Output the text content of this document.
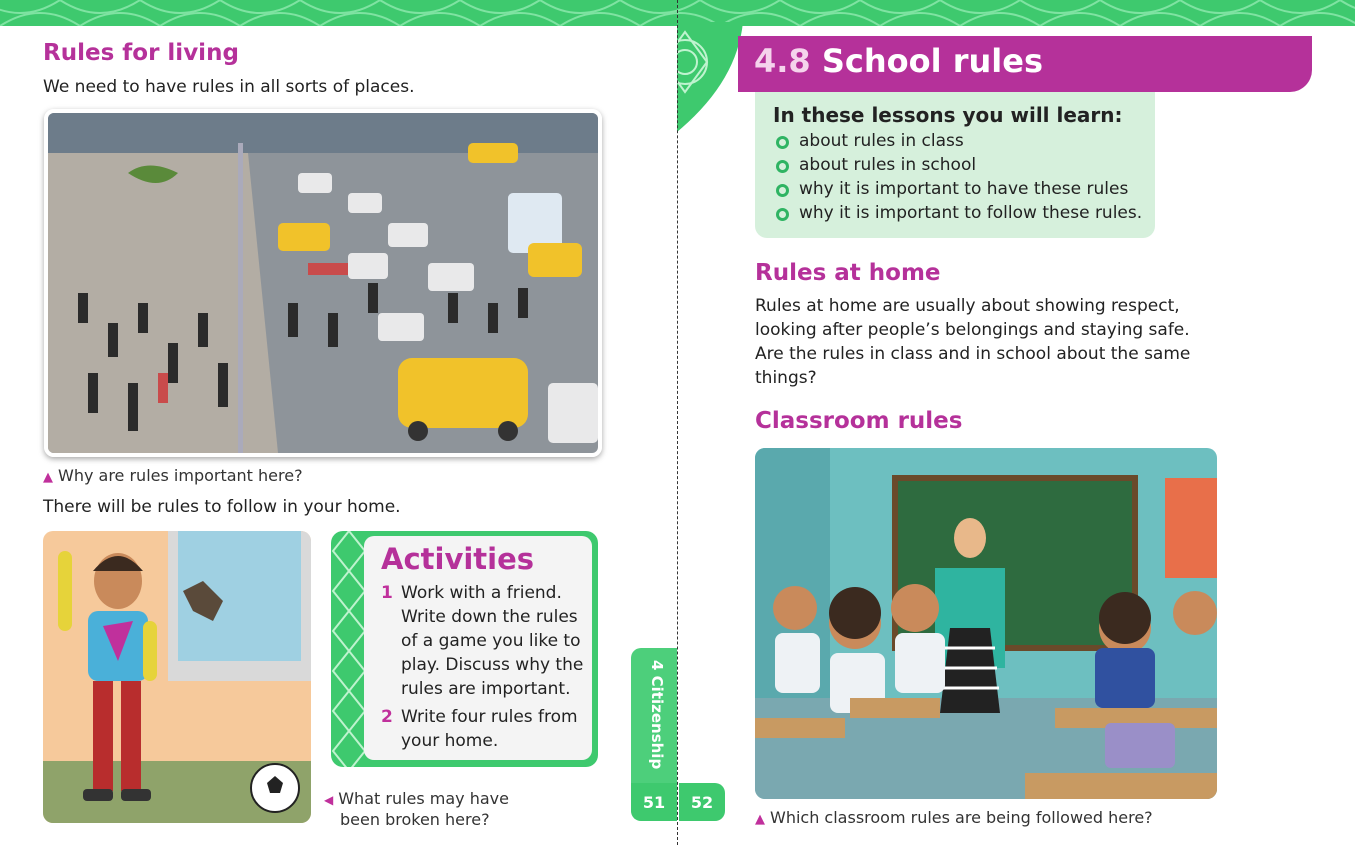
Rules for living
We need to have rules in all sorts of places.
▲ Why are rules important here?
There will be rules to follow in your home.
Activities
1 Work with a friend. Write down the rules of a game you like to play. Discuss why the rules are important.
2 Write four rules from your home.
◀ What rules may have
been broken here?
4 Citizenship
51	52
4.8 School rules
In these lessons you will learn:
about rules in class
about rules in school
why it is important to have these rules
why it is important to follow these rules.
Rules at home
Rules at home are usually about showing respect, looking after people’s belongings and staying safe. Are the rules in class and in school about the same things?
Classroom rules
▲ Which classroom rules are being followed here?
